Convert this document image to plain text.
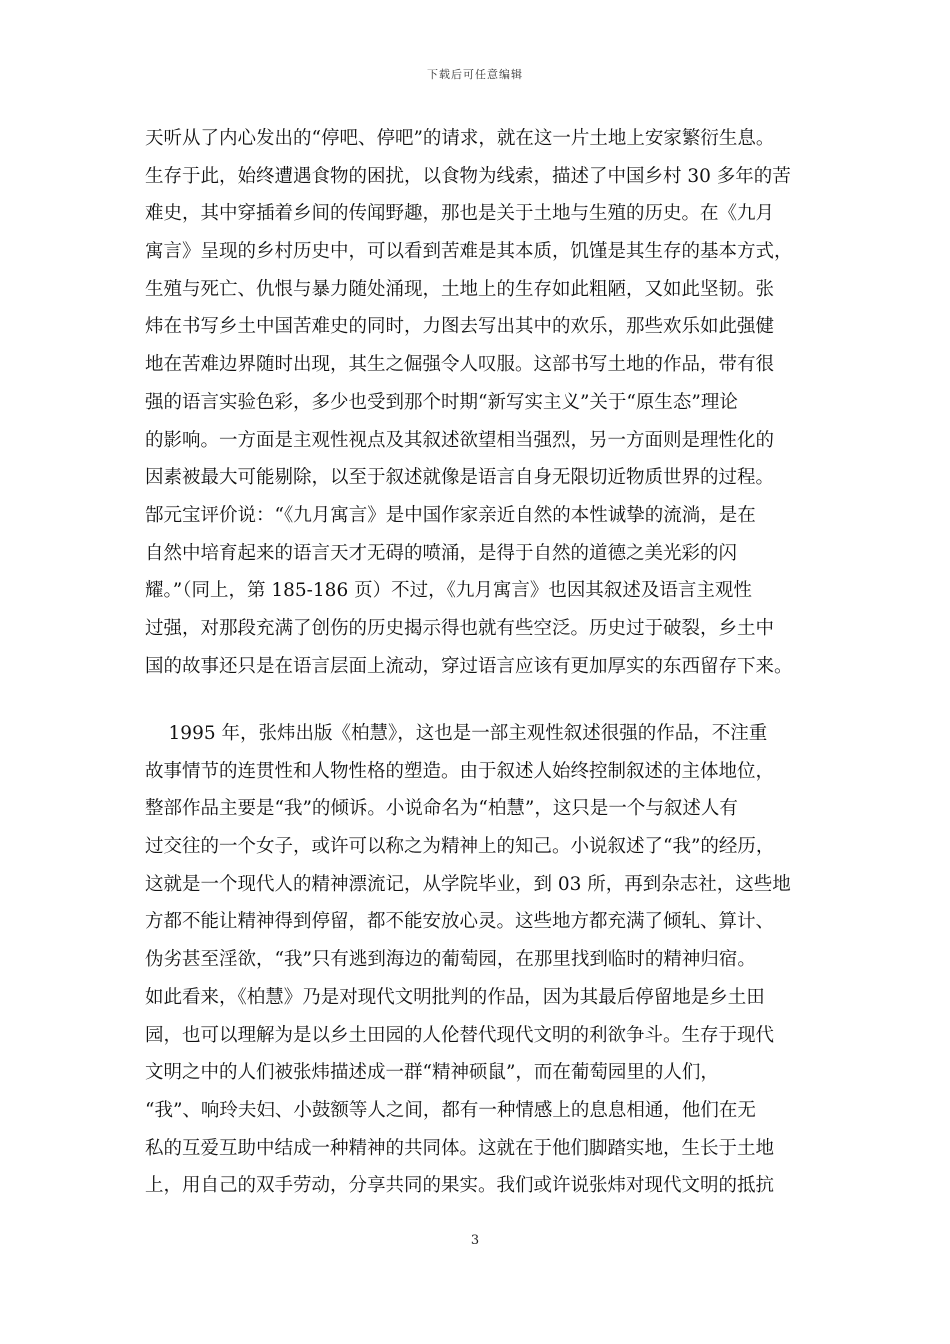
下载后可任意编辑
天听从了内心发出的“停吧、停吧”的请求，就在这一片土地上安家繁衍生息。
生存于此，始终遭遇食物的困扰，以食物为线索，描述了中国乡村 30 多年的苦
难史，其中穿插着乡间的传闻野趣，那也是关于土地与生殖的历史。在《九月
寓言》呈现的乡村历史中，可以看到苦难是其本质，饥馑是其生存的基本方式，
生殖与死亡、仇恨与暴力随处涌现，土地上的生存如此粗陋，又如此坚韧。张
炜在书写乡土中国苦难史的同时，力图去写出其中的欢乐，那些欢乐如此强健
地在苦难边界随时出现，其生之倔强令人叹服。这部书写土地的作品，带有很
强的语言实验色彩，多少也受到那个时期“新写实主义”关于“原生态”理论
的影响。一方面是主观性视点及其叙述欲望相当强烈，另一方面则是理性化的
因素被最大可能剔除，以至于叙述就像是语言自身无限切近物质世界的过程。
郜元宝评价说：“《九月寓言》是中国作家亲近自然的本性诚挚的流淌，是在
自然中培育起来的语言天才无碍的喷涌，是得于自然的道德之美光彩的闪
耀。”（同上，第 185-186 页）不过，《九月寓言》也因其叙述及语言主观性
过强，对那段充满了创伤的历史揭示得也就有些空泛。历史过于破裂，乡土中
国的故事还只是在语言层面上流动，穿过语言应该有更加厚实的东西留存下来。
1995 年，张炜出版《柏慧》，这也是一部主观性叙述很强的作品，不注重
故事情节的连贯性和人物性格的塑造。由于叙述人始终控制叙述的主体地位，
整部作品主要是“我”的倾诉。小说命名为“柏慧”，这只是一个与叙述人有
过交往的一个女子，或许可以称之为精神上的知己。小说叙述了“我”的经历，
这就是一个现代人的精神漂流记，从学院毕业，到 03 所，再到杂志社，这些地
方都不能让精神得到停留，都不能安放心灵。这些地方都充满了倾轧、算计、
伪劣甚至淫欲，“我”只有逃到海边的葡萄园，在那里找到临时的精神归宿。
如此看来，《柏慧》乃是对现代文明批判的作品，因为其最后停留地是乡土田
园，也可以理解为是以乡土田园的人伦替代现代文明的利欲争斗。生存于现代
文明之中的人们被张炜描述成一群“精神硕鼠”，而在葡萄园里的人们，
“我”、响玲夫妇、小鼓额等人之间，都有一种情感上的息息相通，他们在无
私的互爱互助中结成一种精神的共同体。这就在于他们脚踏实地，生长于土地
上，用自己的双手劳动，分享共同的果实。我们或许说张炜对现代文明的抵抗
3
